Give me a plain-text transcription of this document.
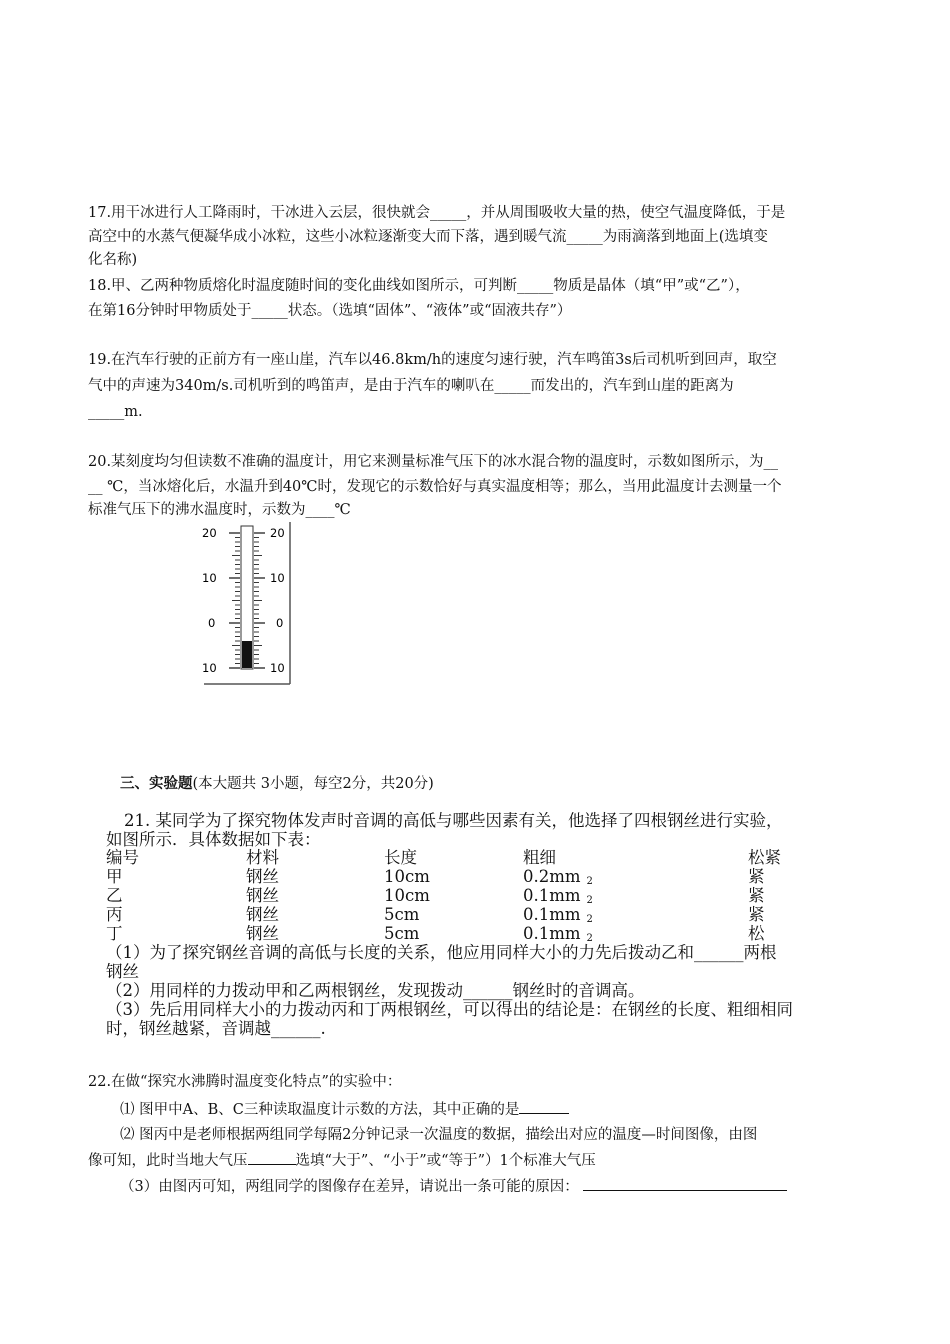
17.用干冰进行人工降雨时，干冰进入云层，很快就会_____，并从周围吸收大量的热，使空气温度降低，于是
高空中的水蒸气便凝华成小冰粒，这些小冰粒逐渐变大而下落，遇到暖气流_____为雨滴落到地面上(选填变
化名称)
18.甲、乙两种物质熔化时温度随时间的变化曲线如图所示，可判断_____物质是晶体（填“甲”或“乙”），
在第16分钟时甲物质处于_____状态。（选填“固体”、“液体”或“固液共存”）
19.在汽车行驶的正前方有一座山崖，汽车以46.8km/h的速度匀速行驶，汽车鸣笛3s后司机听到回声，取空
气中的声速为340m/s.司机听到的鸣笛声，是由于汽车的喇叭在_____而发出的，汽车到山崖的距离为
_____m.
20.某刻度均匀但读数不准确的温度计，用它来测量标准气压下的冰水混合物的温度时，示数如图所示，为__
__ ℃，当冰熔化后，水温升到40℃时，发现它的示数恰好与真实温度相等；那么，当用此温度计去测量一个
标准气压下的沸水温度时，示数为____℃
20
10
0
10
20
10
0
10
三、实验题(本大题共 3小题，每空2分，共20分)
21. 某同学为了探究物体发声时音调的高低与哪些因素有关，他选择了四根钢丝进行实验，
如图所示．具体数据如下表：
编号	材料	长度	粗细	松紧
甲	钢丝	10cm	0.2mm $_2$	紧
乙	钢丝	10cm	0.1mm $_2$	紧
丙	钢丝	5cm	0.1mm $_2$	紧
丁	钢丝	5cm	0.1mm $_2$	松
（1）为了探究钢丝音调的高低与长度的关系，他应用同样大小的力先后拨动乙和______两根
钢丝
（2）用同样的力拨动甲和乙两根钢丝，发现拨动______钢丝时的音调高。
（3）先后用同样大小的力拨动丙和丁两根钢丝，可以得出的结论是：在钢丝的长度、粗细相同
时，钢丝越紧，音调越______.
22.在做“探究水沸腾时温度变化特点”的实验中：
⑴ 图甲中A、B、C三种读取温度计示数的方法，其中正确的是
⑵ 图丙中是老师根据两组同学每隔2分钟记录一次温度的数据，描绘出对应的温度—时间图像，由图
像可知，此时当地大气压	选填“大于”、“小于”或“等于”）1个标准大气压
（3）由图丙可知，两组同学的图像存在差异，请说出一条可能的原因：
